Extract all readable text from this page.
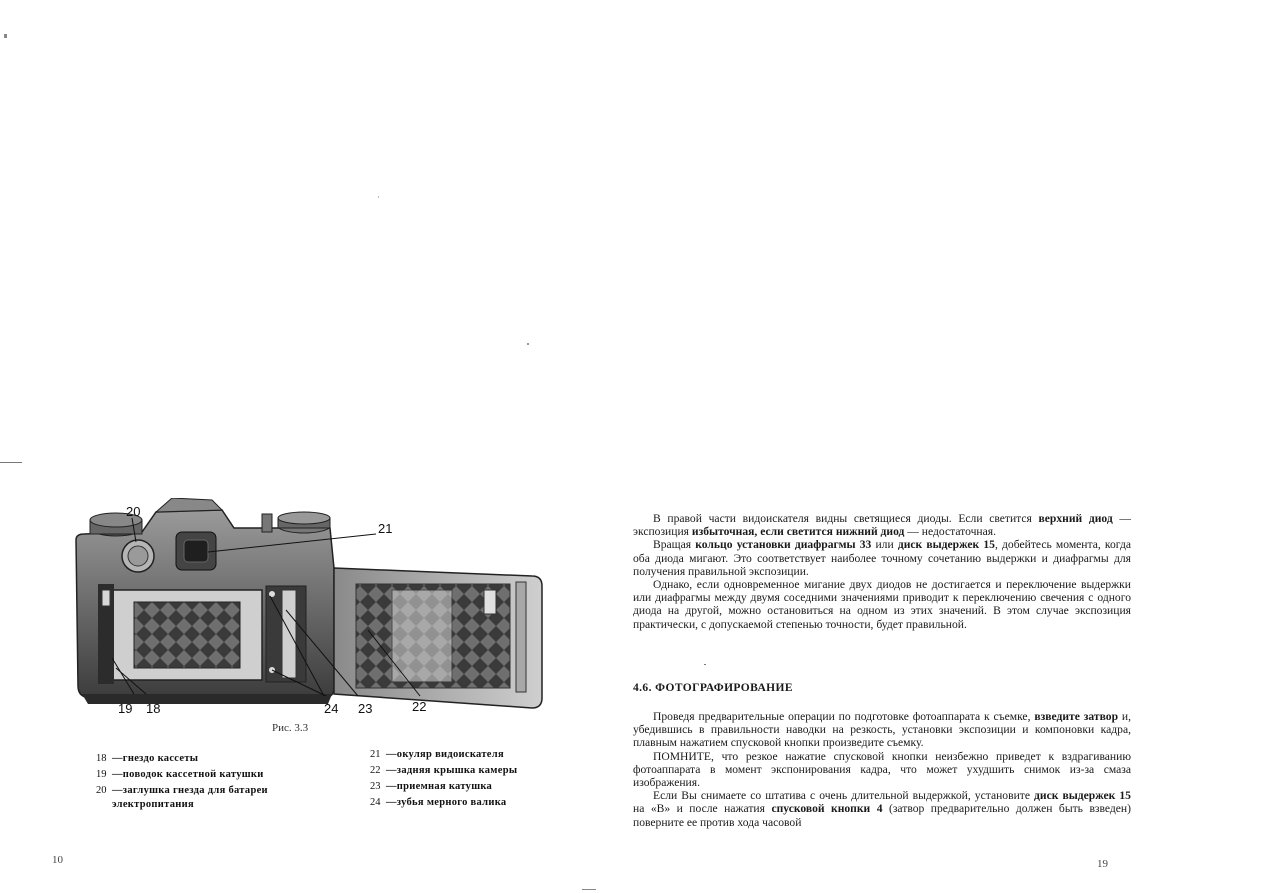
20
21
19 18	24 23	22
Рис. 3.3
18 —гнездо кассеты
19 —поводок кассетной катушки
20 —заглушка гнезда для батареи электропитания
21 —окуляр видоискателя
22 —задняя крышка камеры
23 —приемная катушка
24 —зубья мерного валика
10

В правой части видоискателя видны светящиеся диоды. Если светится верхний диод — экспозиция избыточная, если светится нижний диод — недостаточная.

Вращая кольцо установки диафрагмы 33 или диск выдержек 15, добейтесь момента, когда оба диода мигают. Это соответствует наиболее точному сочетанию выдержки и диафрагмы для получения правильной экспозиции.

Однако, если одновременное мигание двух диодов не достигается и переключение выдержки или диафрагмы между двумя соседними значениями приводит к переключению свечения с одного диода на другой, можно остановиться на одном из этих значений. В этом случае экспозиция практически, с допускаемой степенью точности, будет правильной.

4.6. ФОТОГРАФИРОВАНИЕ

Проведя предварительные операции по подготовке фотоаппарата к съемке, взведите затвор и, убедившись в правильности наводки на резкость, установки экспозиции и компоновки кадра, плавным нажатием спусковой кнопки произведите съемку.

ПОМНИТЕ, что резкое нажатие спусковой кнопки неизбежно приведет к вздрагиванию фотоаппарата в момент экспонирования кадра, что может ухудшить снимок из-за смаза изображения.

Если Вы снимаете со штатива с очень длительной выдержкой, установите диск выдержек 15 на «В» и после нажатия спусковой кнопки 4 (затвор предварительно должен быть взведен) поверните ее против хода часовой

19
